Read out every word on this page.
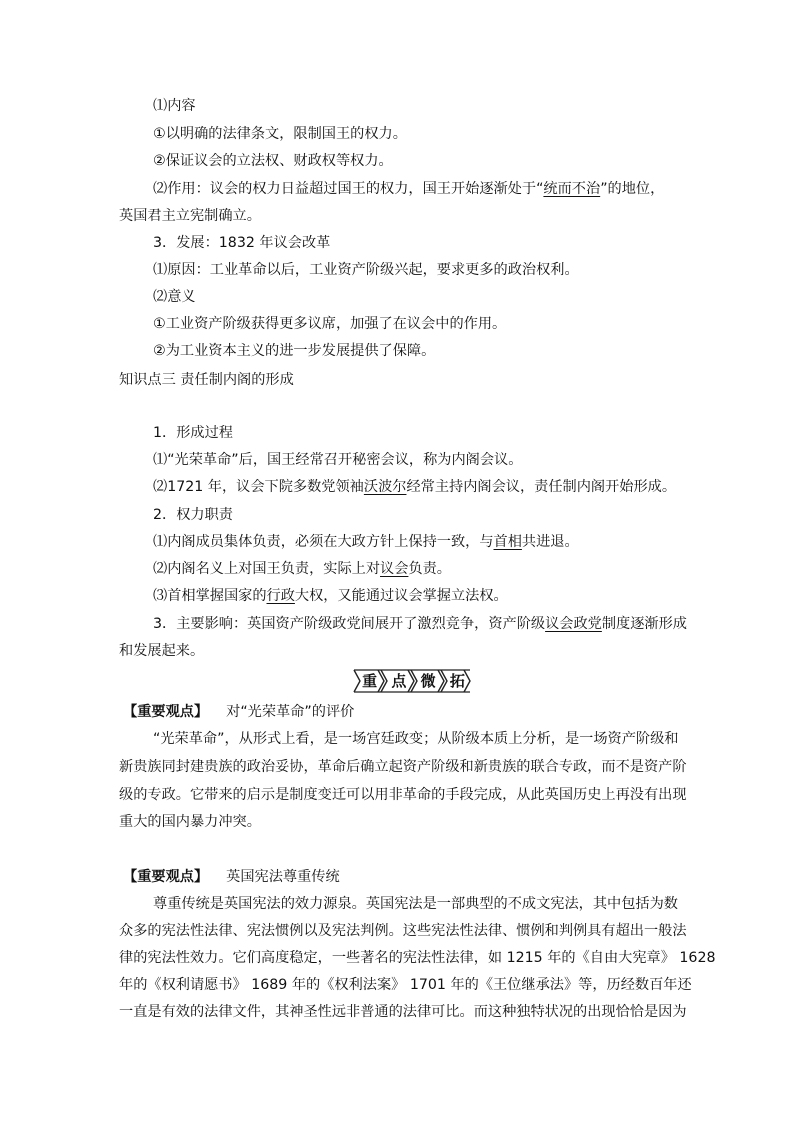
⑴内容
①以明确的法律条文，限制国王的权力。
②保证议会的立法权、财政权等权力。
⑵作用：议会的权力日益超过国王的权力，国王开始逐渐处于“统而不治”的地位，
英国君主立宪制确立。
3．发展：1832 年议会改革
⑴原因：工业革命以后，工业资产阶级兴起，要求更多的政治权利。
⑵意义
①工业资产阶级获得更多议席，加强了在议会中的作用。
②为工业资本主义的进一步发展提供了保障。
知识点三 责任制内阁的形成
1．形成过程
⑴“光荣革命”后，国王经常召开秘密会议，称为内阁会议。
⑵1721 年，议会下院多数党领袖沃波尔经常主持内阁会议，责任制内阁开始形成。
2．权力职责
⑴内阁成员集体负责，必须在大政方针上保持一致，与首相共进退。
⑵内阁名义上对国王负责，实际上对议会负责。
⑶首相掌握国家的行政大权，又能通过议会掌握立法权。
3．主要影响：英国资产阶级政党间展开了激烈竞争，资产阶级议会政党制度逐渐形成
和发展起来。
重 点 微 拓
【重要观点】 对“光荣革命”的评价
“光荣革命”，从形式上看，是一场宫廷政变；从阶级本质上分析，是一场资产阶级和
新贵族同封建贵族的政治妥协，革命后确立起资产阶级和新贵族的联合专政，而不是资产阶
级的专政。它带来的启示是制度变迁可以用非革命的手段完成，从此英国历史上再没有出现
重大的国内暴力冲突。
【重要观点】 英国宪法尊重传统
尊重传统是英国宪法的效力源泉。英国宪法是一部典型的不成文宪法，其中包括为数
众多的宪法性法律、宪法惯例以及宪法判例。这些宪法性法律、惯例和判例具有超出一般法
律的宪法性效力。它们高度稳定，一些著名的宪法性法律，如 1215 年的《自由大宪章》 1628
年的《权利请愿书》 1689 年的《权利法案》 1701 年的《王位继承法》等，历经数百年还
一直是有效的法律文件，其神圣性远非普通的法律可比。而这种独特状况的出现恰恰是因为
